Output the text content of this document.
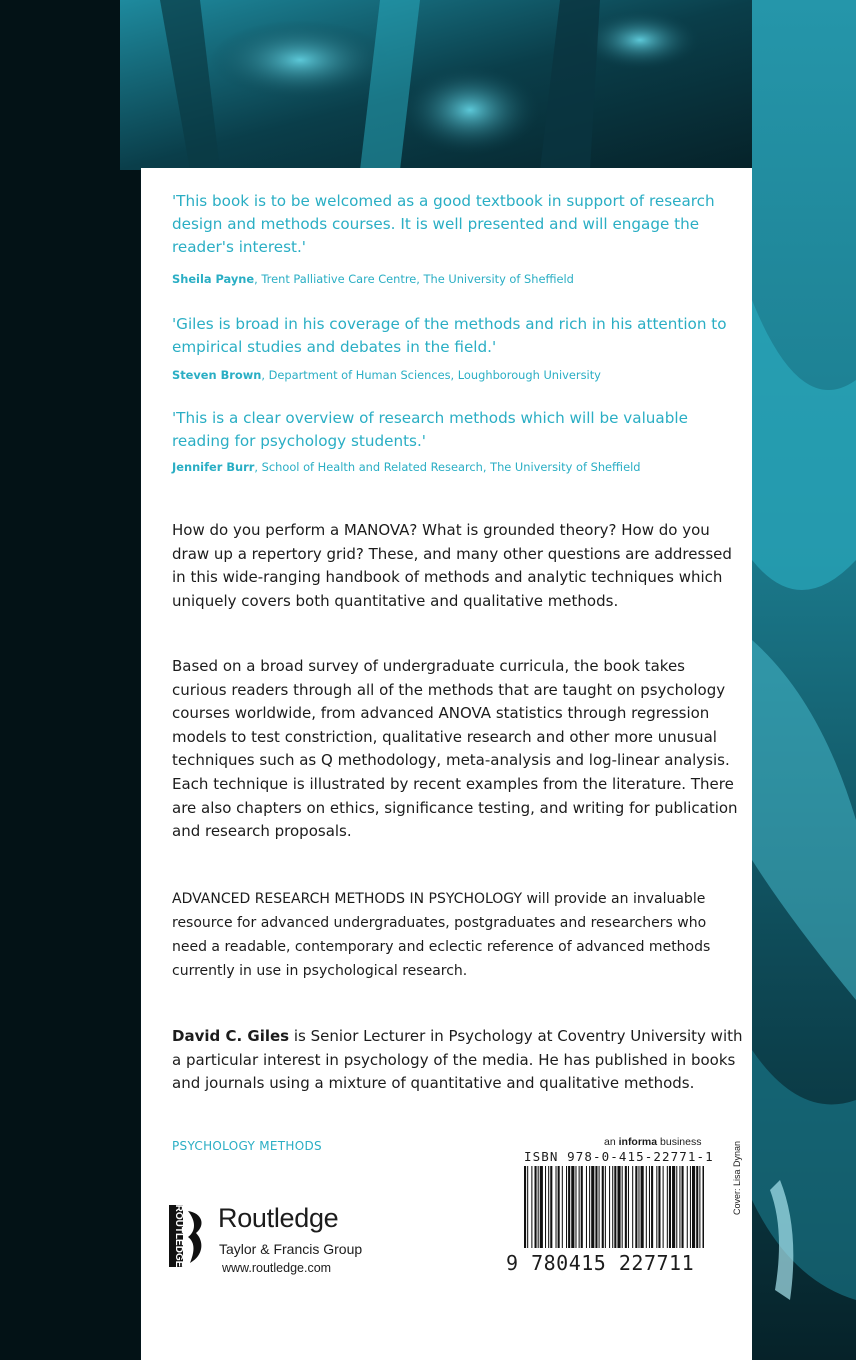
'This book is to be welcomed as a good textbook in support of research design and methods courses. It is well presented and will engage the reader's interest.'

Sheila Payne, Trent Palliative Care Centre, The University of Sheffield

'Giles is broad in his coverage of the methods and rich in his attention to empirical studies and debates in the field.'

Steven Brown, Department of Human Sciences, Loughborough University

'This is a clear overview of research methods which will be valuable reading for psychology students.'

Jennifer Burr, School of Health and Related Research, The University of Sheffield

How do you perform a MANOVA? What is grounded theory? How do you draw up a repertory grid? These, and many other questions are addressed in this wide-ranging handbook of methods and analytic techniques which uniquely covers both quantitative and qualitative methods.

Based on a broad survey of undergraduate curricula, the book takes curious readers through all of the methods that are taught on psychology courses worldwide, from advanced ANOVA statistics through regression models to test constriction, qualitative research and other more unusual techniques such as Q methodology, meta-analysis and log-linear analysis. Each technique is illustrated by recent examples from the literature. There are also chapters on ethics, significance testing, and writing for publication and research proposals.

ADVANCED RESEARCH METHODS IN PSYCHOLOGY will provide an invaluable resource for advanced undergraduates, postgraduates and researchers who need a readable, contemporary and eclectic reference of advanced methods currently in use in psychological research.

David C. Giles is Senior Lecturer in Psychology at Coventry University with a particular interest in psychology of the media. He has published in books and journals using a mixture of quantitative and qualitative methods.

PSYCHOLOGY METHODS
ROUTLEDGE Routledge
Taylor & Francis Group
www.routledge.com
an informa business
ISBN 978-0-415-22771-1
9 780415 227711
Cover: Lisa Dynan
